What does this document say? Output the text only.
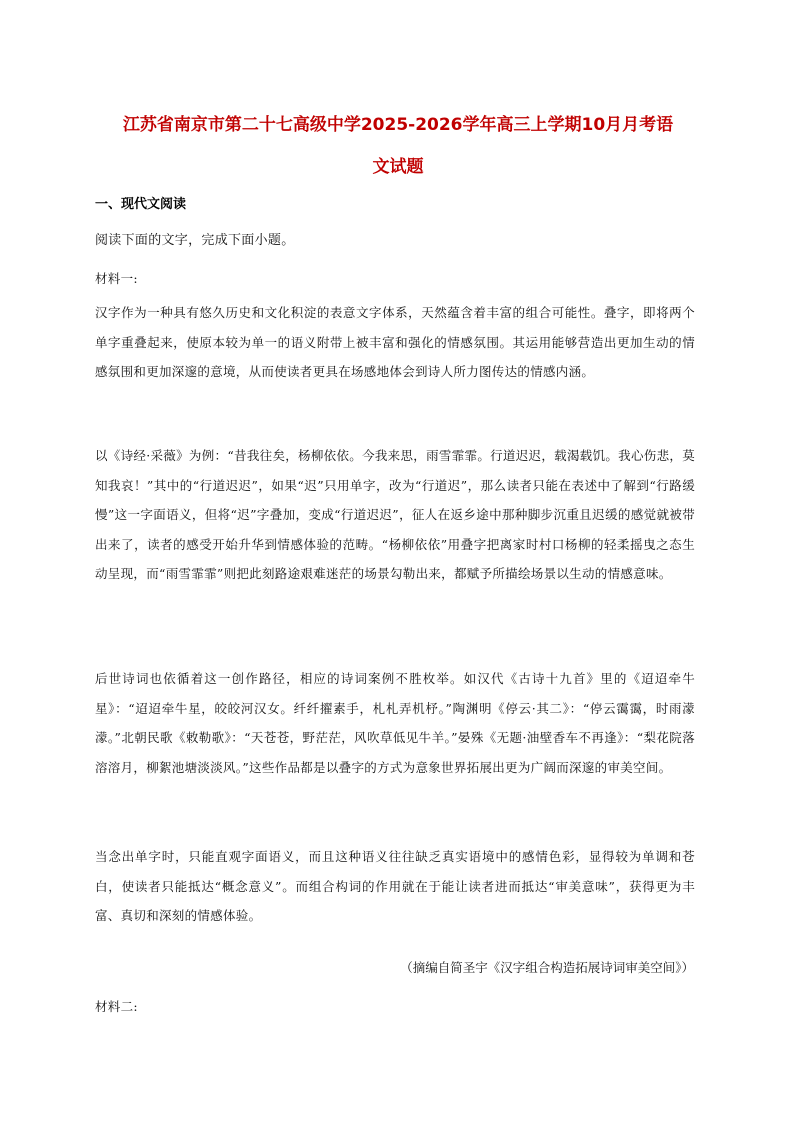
江苏省南京市第二十七高级中学2025-2026学年高三上学期10月月考语
文试题

一、现代文阅读

阅读下面的文字，完成下面小题。

材料一:

汉字作为一种具有悠久历史和文化积淀的表意文字体系，天然蕴含着丰富的组合可能性。叠字，即将两个单字重叠起来，使原本较为单一的语义附带上被丰富和强化的情感氛围。其运用能够营造出更加生动的情感氛围和更加深邃的意境，从而使读者更具在场感地体会到诗人所力图传达的情感内涵。

以《诗经·采薇》为例：“昔我往矣，杨柳依依。今我来思，雨雪霏霏。行道迟迟，载渴载饥。我心伤悲，莫知我哀！”其中的“行道迟迟”，如果“迟”只用单字，改为“行道迟”，那么读者只能在表述中了解到“行路缓慢”这一字面语义，但将“迟”字叠加，变成“行道迟迟”，征人在返乡途中那种脚步沉重且迟缓的感觉就被带出来了，读者的感受开始升华到情感体验的范畴。“杨柳依依”用叠字把离家时村口杨柳的轻柔摇曳之态生动呈现，而“雨雪霏霏”则把此刻路途艰难迷茫的场景勾勒出来，都赋予所描绘场景以生动的情感意味。

后世诗词也依循着这一创作路径，相应的诗词案例不胜枚举。如汉代《古诗十九首》里的《迢迢牵牛星》：“迢迢牵牛星，皎皎河汉女。纤纤擢素手，札札弄机杼。”陶渊明《停云·其二》：“停云霭霭，时雨濛濛。”北朝民歌《敕勒歌》：“天苍苍，野茫茫，风吹草低见牛羊。”晏殊《无题·油壁香车不再逢》：“梨花院落溶溶月，柳絮池塘淡淡风。”这些作品都是以叠字的方式为意象世界拓展出更为广阔而深邃的审美空间。

当念出单字时，只能直观字面语义，而且这种语义往往缺乏真实语境中的感情色彩，显得较为单调和苍白，使读者只能抵达“概念意义”。而组合构词的作用就在于能让读者进而抵达“审美意味”，获得更为丰富、真切和深刻的情感体验。

（摘编自简圣宇《汉字组合构造拓展诗词审美空间》）

材料二:
